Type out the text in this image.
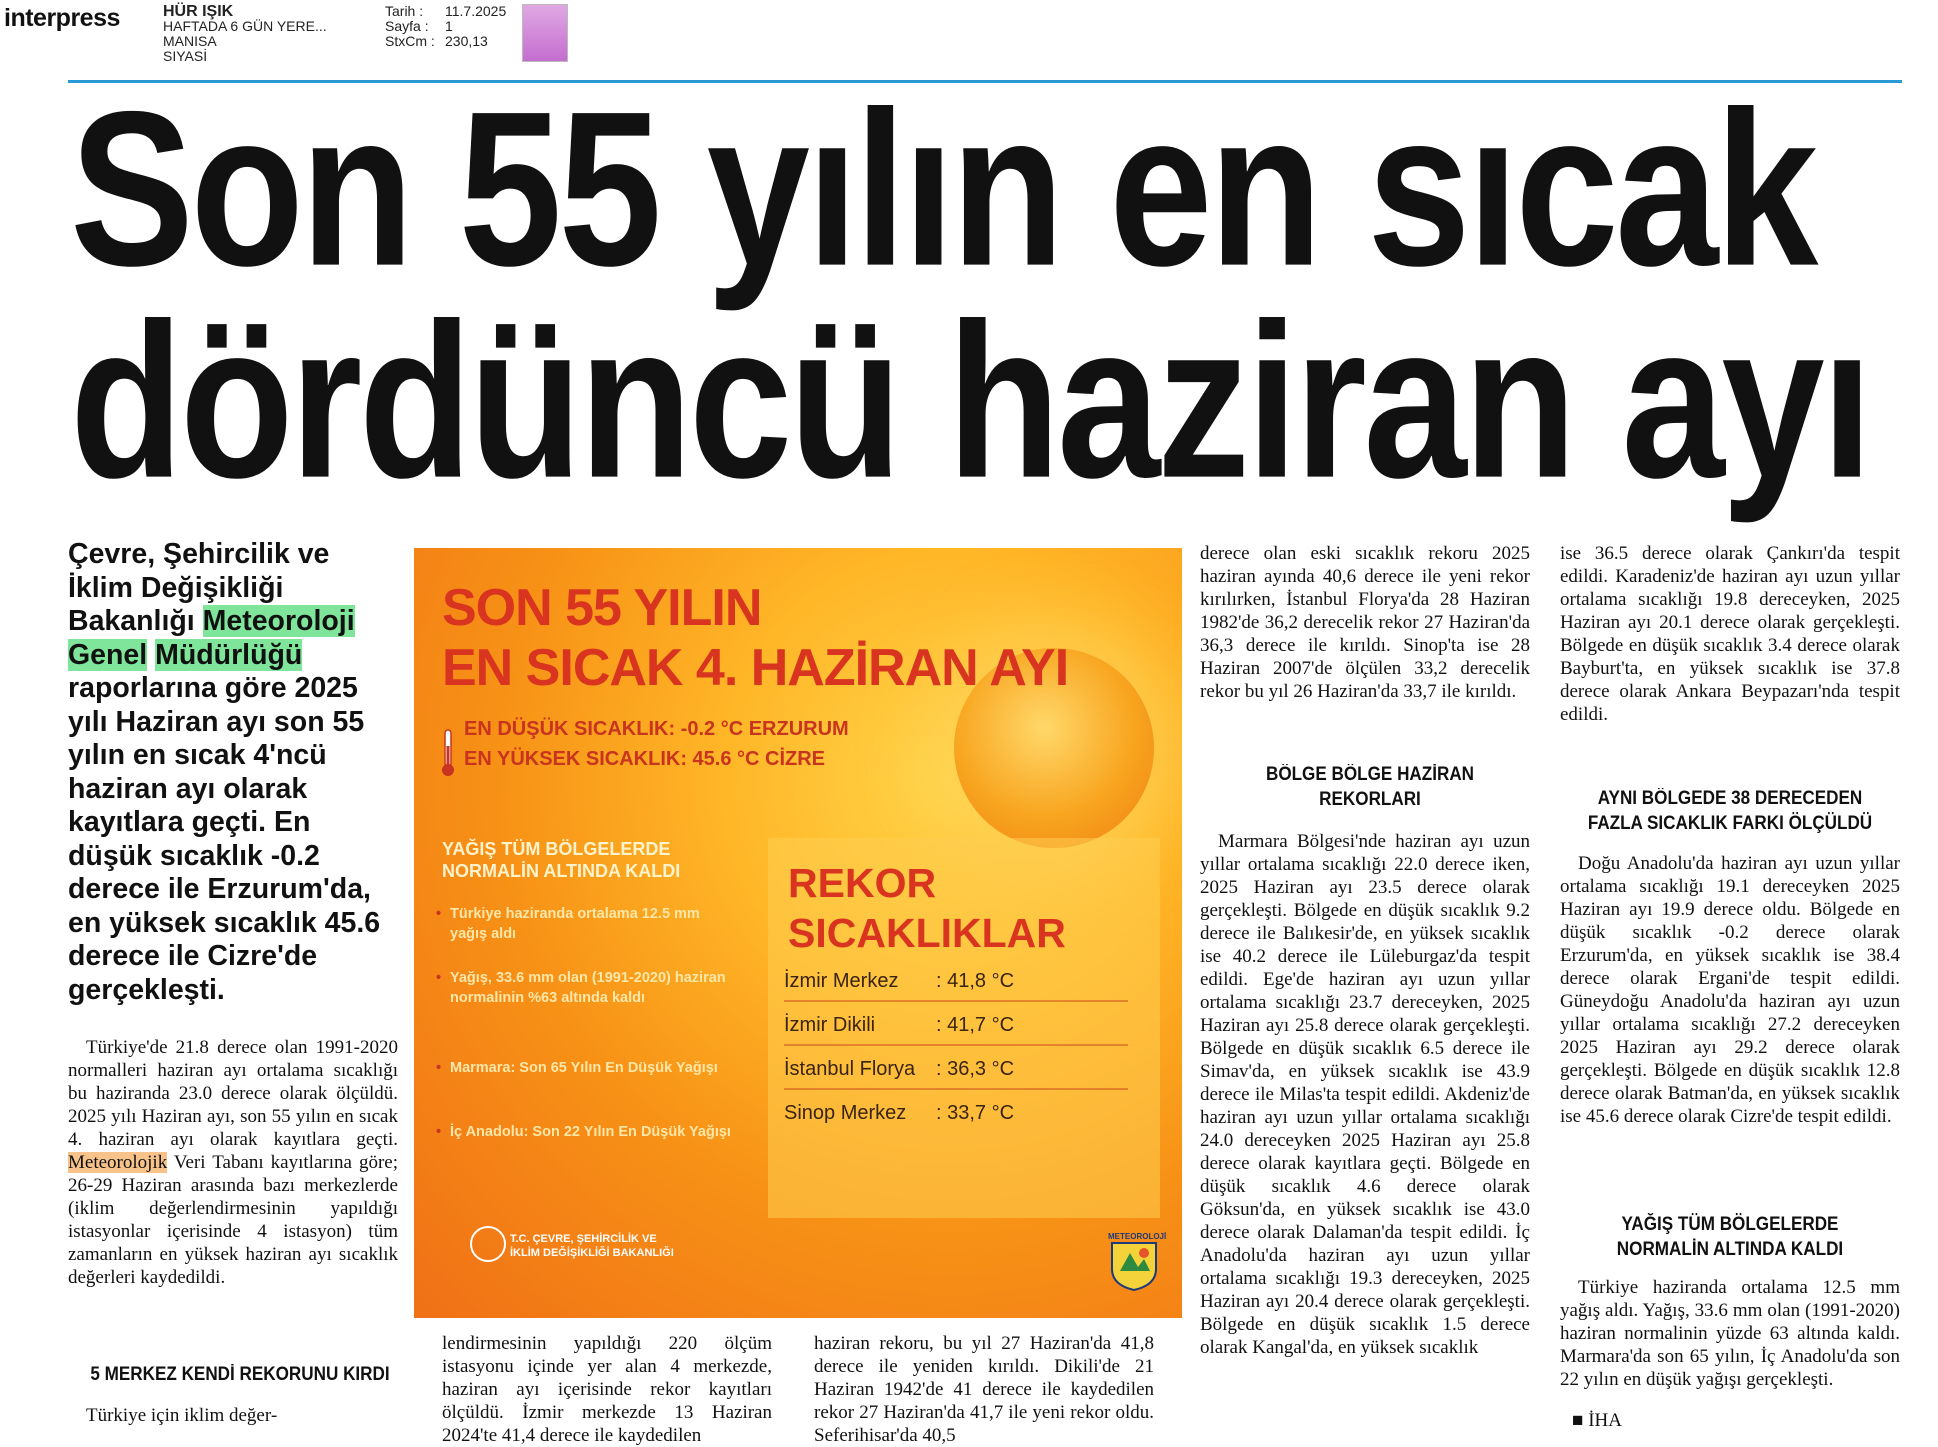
interpress	HÜR IŞIK
HAFTADA 6 GÜN YERE...
MANISA
SIYASİ
Tarih : 11.7.2025
Sayfa : 1
StxCm : 230,13
Son 55 yılın en sıcak
dördüncü haziran ayı
Çevre, Şehircilik ve İklim Değişikliği Bakanlığı Meteoroloji
Genel Müdürlüğü raporlarına göre 2025 yılı Haziran ayı son 55 yılın en sıcak 4'ncü haziran ayı olarak kayıtlara geçti. En düşük sıcaklık -0.2 derece ile Erzurum'da, en yüksek sıcaklık 45.6 derece ile Cizre'de gerçekleşti.
Türkiye'de 21.8 derece olan 1991-2020 normalleri haziran ayı ortalama sıcaklığı bu haziranda 23.0 derece olarak ölçüldü. 2025 yılı Haziran ayı, son 55 yılın en sıcak 4. haziran ayı olarak kayıtlara geçti. Meteorolojik Veri Tabanı kayıtlarına göre; 26-29 Haziran arasında bazı merkezlerde (iklim değerlendirmesinin yapıldığı istasyonlar içerisinde 4 istasyon) tüm zamanların en yüksek haziran ayı sıcaklık değerleri kaydedildi.
5 MERKEZ KENDİ REKORUNU KIRDI
Türkiye için iklim değer-
lendirmesinin yapıldığı 220 ölçüm istasyonu içinde yer alan 4 merkezde, haziran ayı içerisinde rekor kayıtları ölçüldü. İzmir merkezde 13 Haziran 2024'te 41,4 derece ile kaydedilen
haziran rekoru, bu yıl 27 Haziran'da 41,8 derece ile yeniden kırıldı. Dikili'de 21 Haziran 1942'de 41 derece ile kaydedilen rekor 27 Haziran'da 41,7 ile yeni rekor oldu. Seferihisar'da 40,5
derece olan eski sıcaklık rekoru 2025 haziran ayında 40,6 derece ile yeni rekor kırılırken, İstanbul Florya'da 28 Haziran 1982'de 36,2 derecelik rekor 27 Haziran'da 36,3 derece ile kırıldı. Sinop'ta ise 28 Haziran 2007'de ölçülen 33,2 derecelik rekor bu yıl 26 Haziran'da 33,7 ile kırıldı.
BÖLGE BÖLGE HAZİRAN REKORLARI
Marmara Bölgesi'nde haziran ayı uzun yıllar ortalama sıcaklığı 22.0 derece iken, 2025 Haziran ayı 23.5 derece olarak gerçekleşti. Bölgede en düşük sıcaklık 9.2 derece ile Balıkesir'de, en yüksek sıcaklık ise 40.2 derece ile Lüleburgaz'da tespit edildi. Ege'de haziran ayı uzun yıllar ortalama sıcaklığı 23.7 dereceyken, 2025 Haziran ayı 25.8 derece olarak gerçekleşti. Bölgede en düşük sıcaklık 6.5 derece ile Simav'da, en yüksek sıcaklık ise 43.9 derece ile Milas'ta tespit edildi. Akdeniz'de haziran ayı uzun yıllar ortalama sıcaklığı 24.0 dereceyken 2025 Haziran ayı 25.8 derece olarak kayıtlara geçti. Bölgede en düşük sıcaklık 4.6 derece olarak Göksun'da, en yüksek sıcaklık ise 43.0 derece olarak Dalaman'da tespit edildi. İç Anadolu'da haziran ayı uzun yıllar ortalama sıcaklığı 19.3 dereceyken, 2025 Haziran ayı 20.4 derece olarak gerçekleşti. Bölgede en düşük sıcaklık 1.5 derece olarak Kangal'da, en yüksek sıcaklık
ise 36.5 derece olarak Çankırı'da tespit edildi. Karadeniz'de haziran ayı uzun yıllar ortalama sıcaklığı 19.8 dereceyken, 2025 Haziran ayı 20.1 derece olarak gerçekleşti. Bölgede en düşük sıcaklık 3.4 derece olarak Bayburt'ta, en yüksek sıcaklık ise 37.8 derece olarak Ankara Beypazarı'nda tespit edildi.
AYNI BÖLGEDE 38 DERECEDEN FAZLA SICAKLIK FARKI ÖLÇÜLDÜ
Doğu Anadolu'da haziran ayı uzun yıllar ortalama sıcaklığı 19.1 dereceyken 2025 Haziran ayı 19.9 derece oldu. Bölgede en düşük sıcaklık -0.2 derece olarak Erzurum'da, en yüksek sıcaklık ise 38.4 derece olarak Ergani'de tespit edildi. Güneydoğu Anadolu'da haziran ayı uzun yıllar ortalama sıcaklığı 27.2 dereceyken 2025 Haziran ayı 29.2 derece olarak gerçekleşti. Bölgede en düşük sıcaklık 12.8 derece olarak Batman'da, en yüksek sıcaklık ise 45.6 derece olarak Cizre'de tespit edildi.
YAĞIŞ TÜM BÖLGELERDE NORMALİN ALTINDA KALDI
Türkiye haziranda ortalama 12.5 mm yağış aldı. Yağış, 33.6 mm olan (1991-2020) haziran normalinin yüzde 63 altında kaldı. Marmara'da son 65 yılın, İç Anadolu'da son 22 yılın en düşük yağışı gerçekleşti.
■ İHA
SON 55 YILIN
EN SICAK 4. HAZİRAN AYI
EN DÜŞÜK SICAKLIK: -0.2 °C ERZURUM
EN YÜKSEK SICAKLIK: 45.6 °C CİZRE
YAĞIŞ TÜM BÖLGELERDE NORMALİN ALTINDA KALDI
• Türkiye haziranda ortalama 12.5 mm yağış aldı
• Yağış, 33.6 mm olan (1991-2020) haziran normalinin %63 altında kaldı
• Marmara: Son 65 Yılın En Düşük Yağışı
• İç Anadolu: Son 22 Yılın En Düşük Yağışı
REKOR
SICAKLIKLAR
İzmir Merkez : 41,8 °C
İzmir Dikili	: 41,7 °C
İstanbul Florya : 36,3 °C
Sinop Merkez : 33,7 °C
T.C. ÇEVRE, ŞEHİRCİLİK VE
İKLİM DEĞİŞİKLİĞİ BAKANLIĞI
METEOROLOJİ
